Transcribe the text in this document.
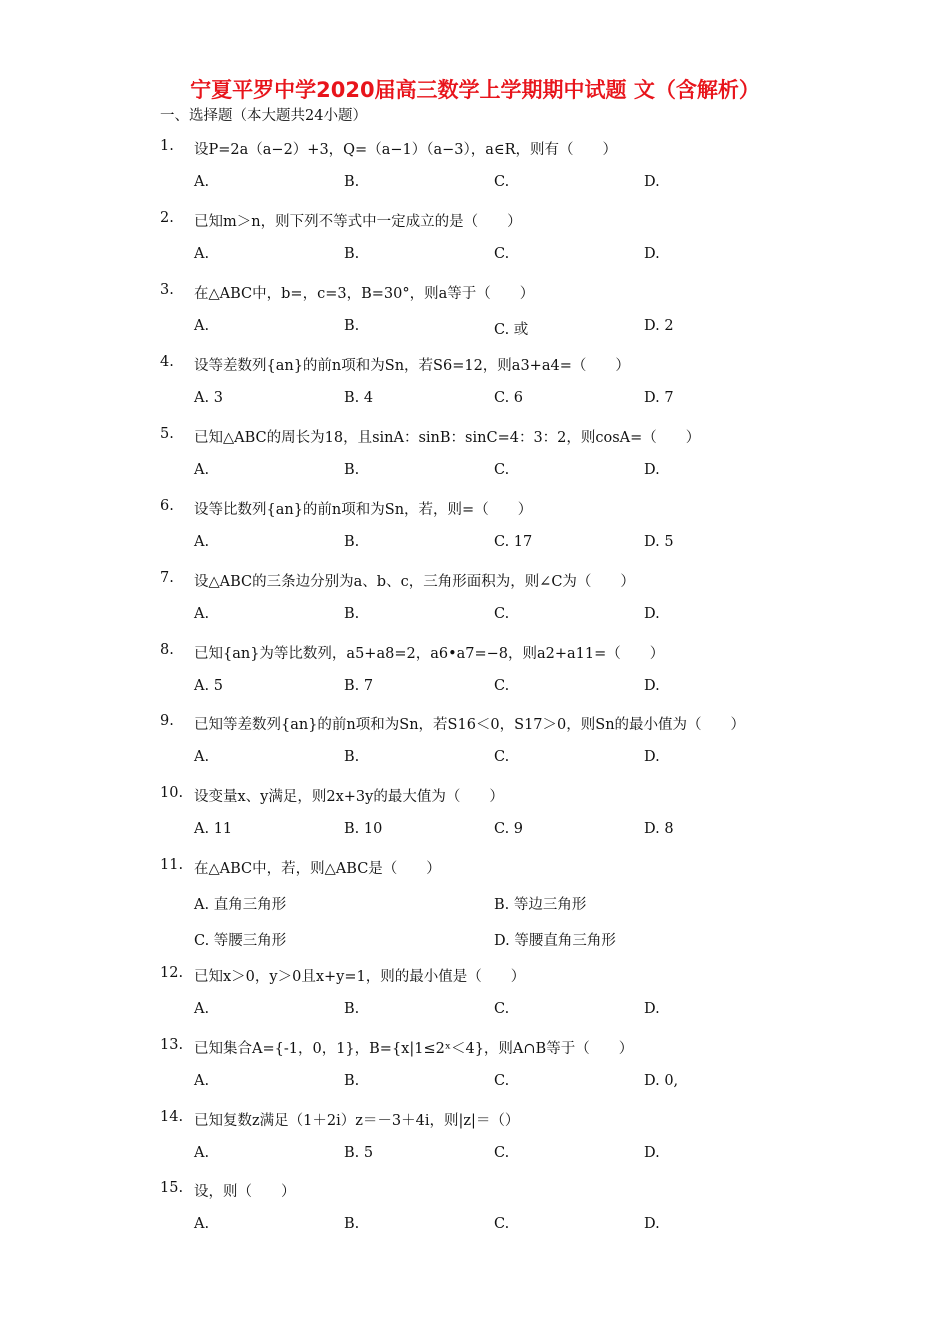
宁夏平罗中学2020届高三数学上学期期中试题 文（含解析）
一、选择题（本大题共24小题）
1. 设P=2a（a−2）+3，Q=（a−1）（a−3），a∈R，则有（　　）
A.	B.	C.	D.
2. 已知m＞n，则下列不等式中一定成立的是（　　）
A.	B.	C.	D.
3. 在△ABC中，b=，c=3，B=30°，则a等于（　　）
A.	B.	C. 或	D. 2
4. 设等差数列{an}的前n项和为Sn，若S6=12，则a3+a4=（　　）
A. 3	B. 4	C. 6	D. 7
5. 已知△ABC的周长为18，且sinA：sinB：sinC=4：3：2，则cosA=（　　）
A.	B.	C.	D.
6. 设等比数列{an}的前n项和为Sn，若，则=（　　）
A.	B.	C. 17	D. 5
7. 设△ABC的三条边分别为a、b、c，三角形面积为，则∠C为（　　）
A.	B.	C.	D.
8. 已知{an}为等比数列，a5+a8=2，a6•a7=−8，则a2+a11=（　　）
A. 5	B. 7	C.	D.
9. 已知等差数列{an}的前n项和为Sn，若S16＜0，S17＞0，则Sn的最小值为（　　）
A.	B.	C.	D.
10. 设变量x、y满足，则2x+3y的最大值为（　　）
A. 11	B. 10	C. 9	D. 8
11. 在△ABC中，若，则△ABC是（　　）
A. 直角三角形	B. 等边三角形
C. 等腰三角形	D. 等腰直角三角形
12. 已知x＞0，y＞0且x+y=1，则的最小值是（　　）
A.	B.	C.	D.
13. 已知集合A={-1，0，1}，B={x|1≤2ˣ＜4}，则A∩B等于（　　）
A.	B.	C.	D. 0,
14. 已知复数z满足（1＋2i）z＝－3＋4i，则|z|＝（）
A.	B. 5	C.	D.
15. 设，则（　　）
A.	B.	C.	D.
